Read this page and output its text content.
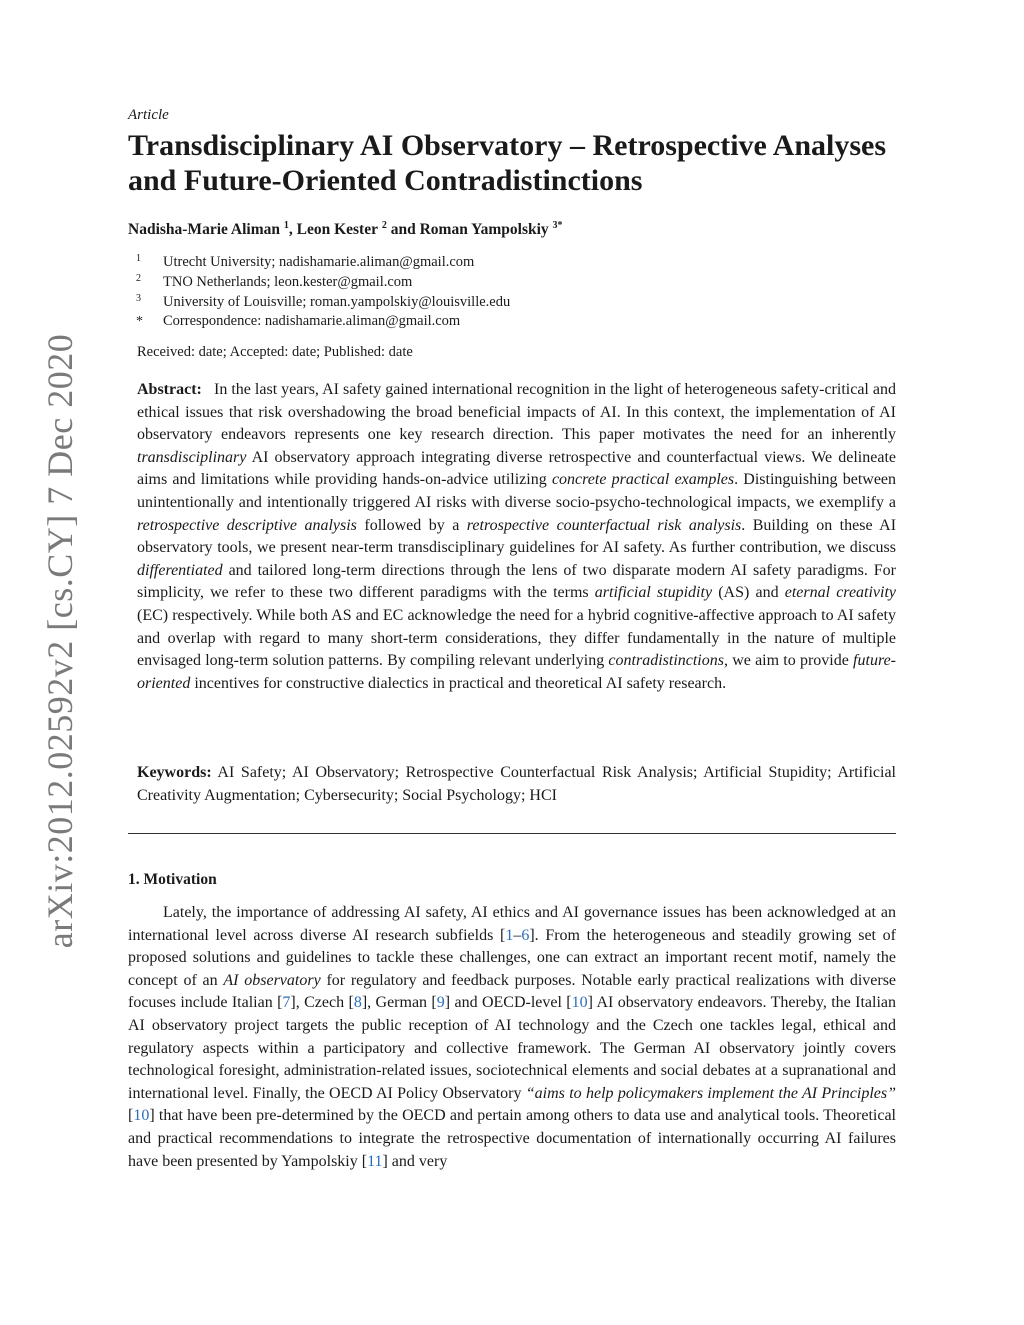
arXiv:2012.02592v2 [cs.CY] 7 Dec 2020
Article
Transdisciplinary AI Observatory – Retrospective Analyses and Future-Oriented Contradistinctions
Nadisha-Marie Aliman $^1$, Leon Kester $^2$ and Roman Yampolskiy $^{3*}$
1 Utrecht University; nadishamarie.aliman@gmail.com
2 TNO Netherlands; leon.kester@gmail.com
3 University of Louisville; roman.yampolskiy@louisville.edu
* Correspondence: nadishamarie.aliman@gmail.com
Received: date; Accepted: date; Published: date

Abstract: In the last years, AI safety gained international recognition in the light of heterogeneous safety-critical and ethical issues that risk overshadowing the broad beneficial impacts of AI. In this context, the implementation of AI observatory endeavors represents one key research direction. This paper motivates the need for an inherently transdisciplinary AI observatory approach integrating diverse retrospective and counterfactual views. We delineate aims and limitations while providing hands-on-advice utilizing concrete practical examples. Distinguishing between unintentionally and intentionally triggered AI risks with diverse socio-psycho-technological impacts, we exemplify a retrospective descriptive analysis followed by a retrospective counterfactual risk analysis. Building on these AI observatory tools, we present near-term transdisciplinary guidelines for AI safety. As further contribution, we discuss differentiated and tailored long-term directions through the lens of two disparate modern AI safety paradigms. For simplicity, we refer to these two different paradigms with the terms artificial stupidity (AS) and eternal creativity (EC) respectively. While both AS and EC acknowledge the need for a hybrid cognitive-affective approach to AI safety and overlap with regard to many short-term considerations, they differ fundamentally in the nature of multiple envisaged long-term solution patterns. By compiling relevant underlying contradistinctions, we aim to provide future-oriented incentives for constructive dialectics in practical and theoretical AI safety research.

Keywords: AI Safety; AI Observatory; Retrospective Counterfactual Risk Analysis; Artificial Stupidity; Artificial Creativity Augmentation; Cybersecurity; Social Psychology; HCI

1. Motivation

Lately, the importance of addressing AI safety, AI ethics and AI governance issues has been acknowledged at an international level across diverse AI research subfields [1–6]. From the heterogeneous and steadily growing set of proposed solutions and guidelines to tackle these challenges, one can extract an important recent motif, namely the concept of an AI observatory for regulatory and feedback purposes. Notable early practical realizations with diverse focuses include Italian [7], Czech [8], German [9] and OECD-level [10] AI observatory endeavors. Thereby, the Italian AI observatory project targets the public reception of AI technology and the Czech one tackles legal, ethical and regulatory aspects within a participatory and collective framework. The German AI observatory jointly covers technological foresight, administration-related issues, sociotechnical elements and social debates at a supranational and international level. Finally, the OECD AI Policy Observatory “aims to help policymakers implement the AI Principles” [10] that have been pre-determined by the OECD and pertain among others to data use and analytical tools. Theoretical and practical recommendations to integrate the retrospective documentation of internationally occurring AI failures have been presented by Yampolskiy [11] and very
